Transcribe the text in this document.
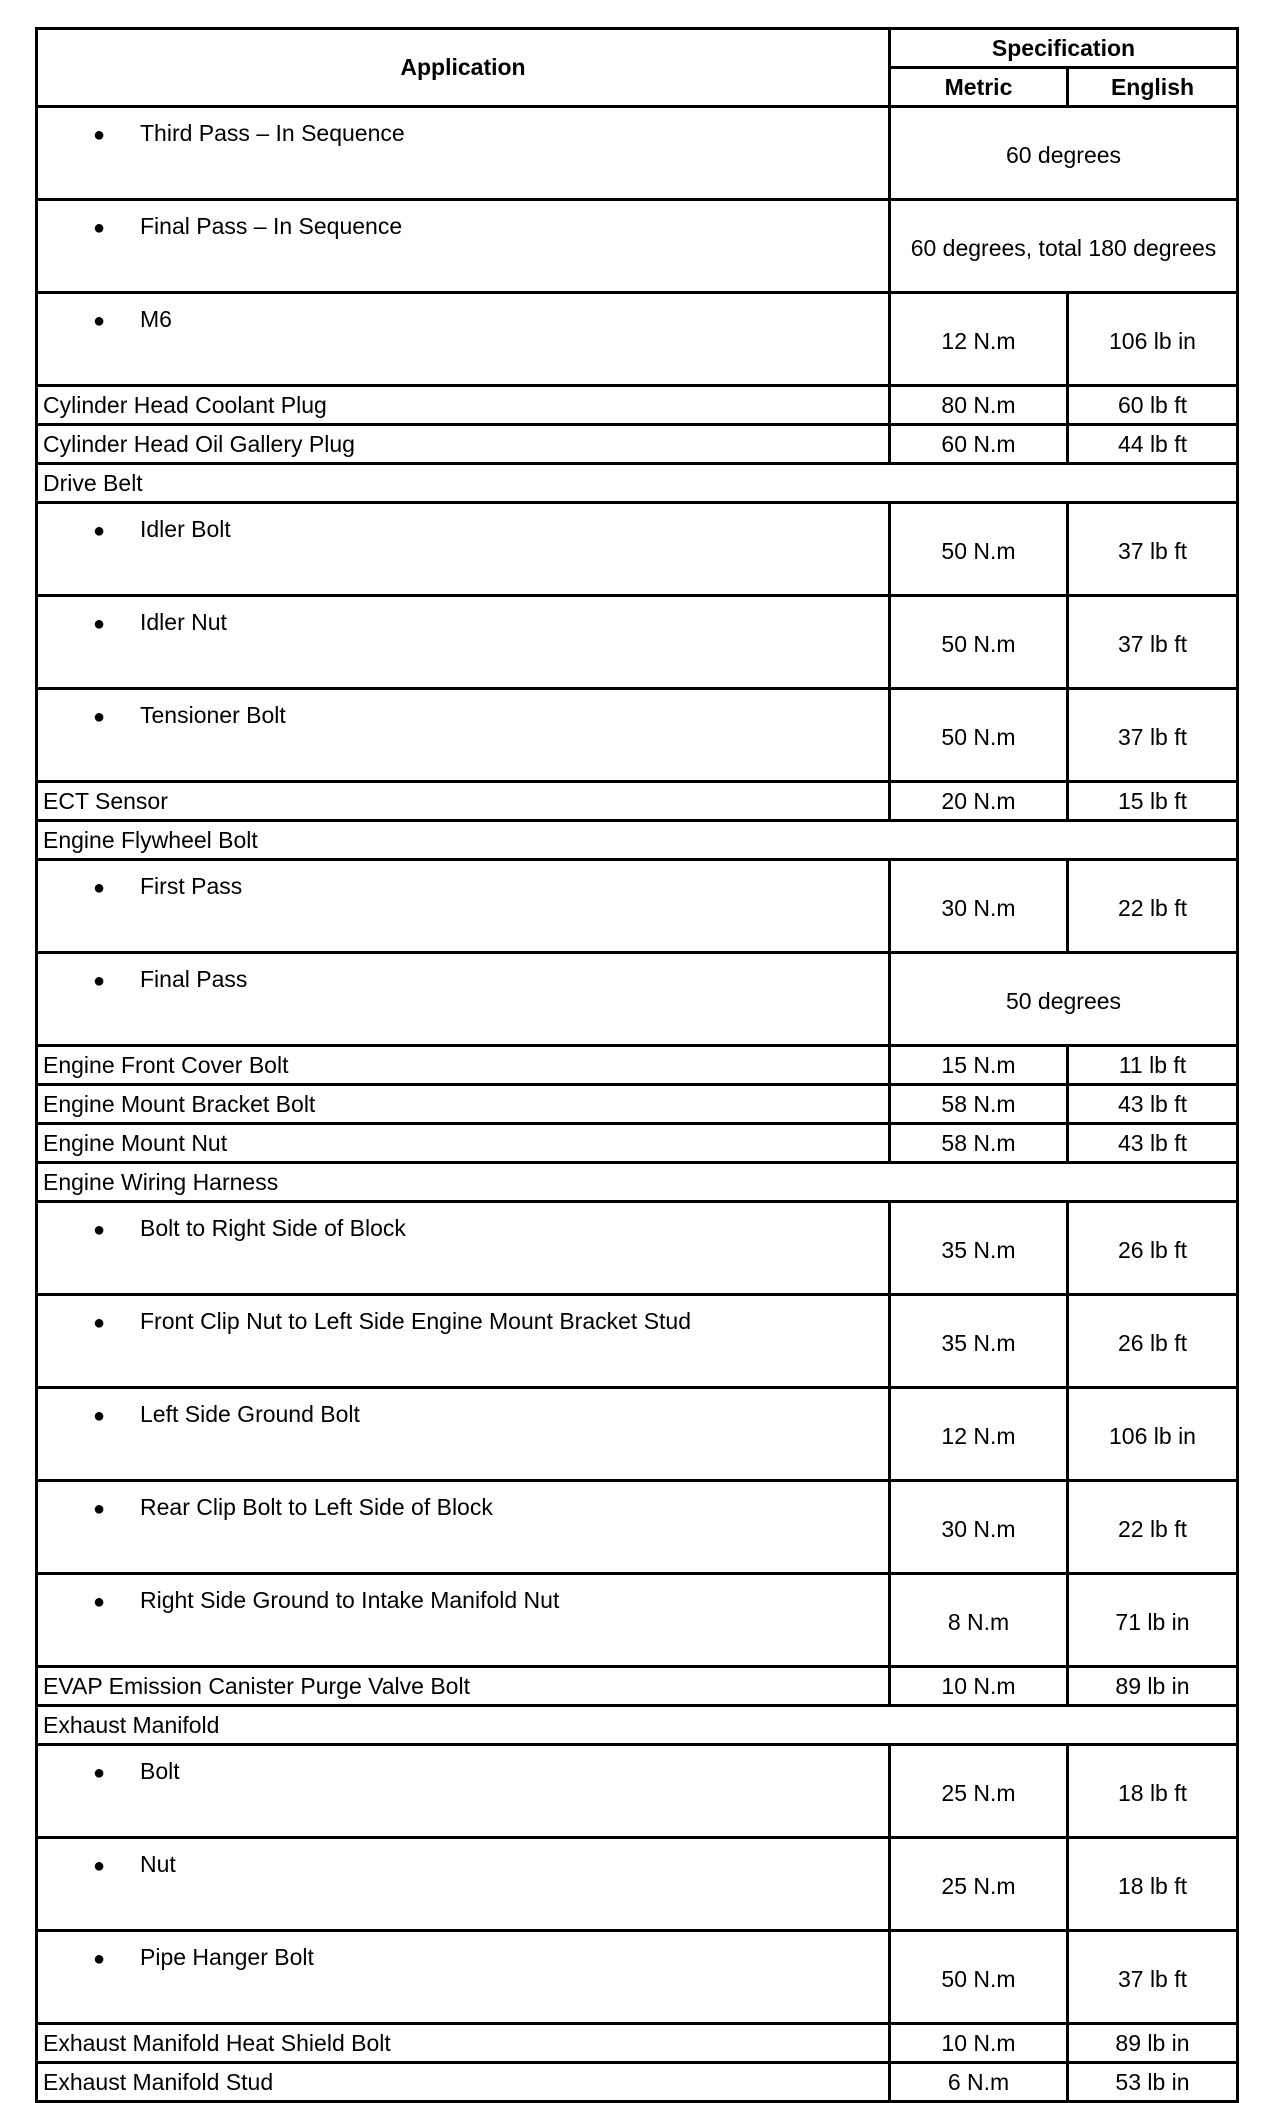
Application	Specification	
	Metric	English
● Third Pass – In Sequence	60 degrees	
● Final Pass – In Sequence	60 degrees, total 180 degrees	
● M6	12 N.m	106 lb in
Cylinder Head Coolant Plug	80 N.m	60 lb ft
Cylinder Head Oil Gallery Plug	60 N.m	44 lb ft
Drive Belt		
● Idler Bolt	50 N.m	37 lb ft
● Idler Nut	50 N.m	37 lb ft
● Tensioner Bolt	50 N.m	37 lb ft
ECT Sensor	20 N.m	15 lb ft
Engine Flywheel Bolt		
● First Pass	30 N.m	22 lb ft
● Final Pass	50 degrees	
Engine Front Cover Bolt	15 N.m	11 lb ft
Engine Mount Bracket Bolt	58 N.m	43 lb ft
Engine Mount Nut	58 N.m	43 lb ft
Engine Wiring Harness		
● Bolt to Right Side of Block	35 N.m	26 lb ft
● Front Clip Nut to Left Side Engine Mount Bracket Stud	35 N.m	26 lb ft
● Left Side Ground Bolt	12 N.m	106 lb in
● Rear Clip Bolt to Left Side of Block	30 N.m	22 lb ft
● Right Side Ground to Intake Manifold Nut	8 N.m	71 lb in
EVAP Emission Canister Purge Valve Bolt	10 N.m	89 lb in
Exhaust Manifold		
● Bolt	25 N.m	18 lb ft
● Nut	25 N.m	18 lb ft
● Pipe Hanger Bolt	50 N.m	37 lb ft
Exhaust Manifold Heat Shield Bolt	10 N.m	89 lb in
Exhaust Manifold Stud	6 N.m	53 lb in
